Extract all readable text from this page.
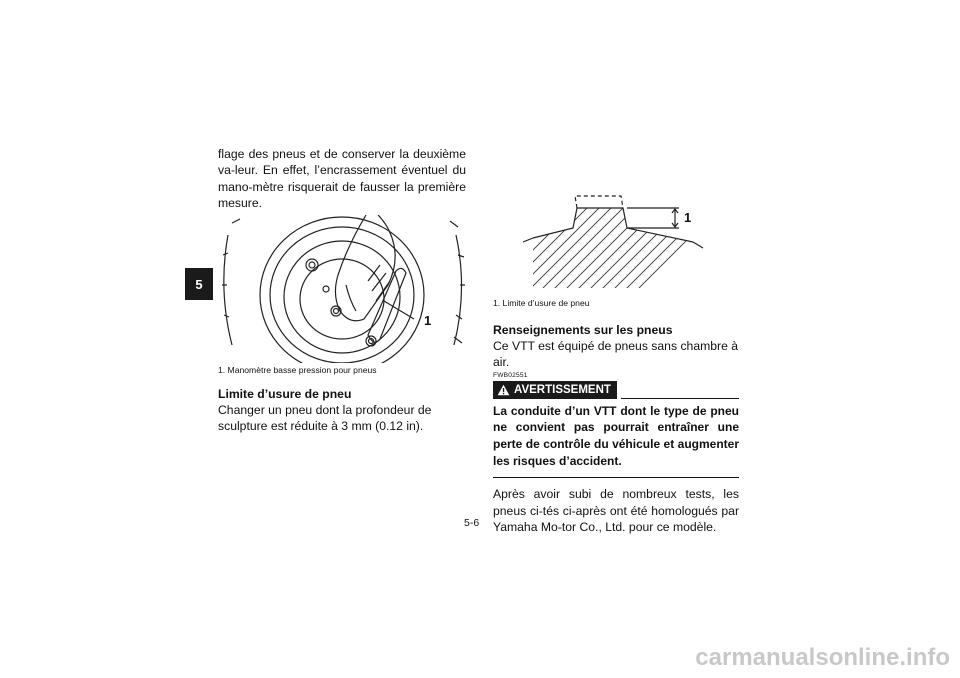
5

flage des pneus et de conserver la deuxième va-leur. En effet, l’encrassement éventuel du mano-mètre risquerait de fausser la première mesure.

1

1. Manomètre basse pression pour pneus

Limite d’usure de pneu

Changer un pneu dont la profondeur de sculpture est réduite à 3 mm (0.12 in).

1

1. Limite d’usure de pneu

Renseignements sur les pneus

Ce VTT est équipé de pneus sans chambre à air.

FWB02551

AVERTISSEMENT

La conduite d’un VTT dont le type de pneu ne convient pas pourrait entraîner une perte de contrôle du véhicule et augmenter les risques d’accident.

Après avoir subi de nombreux tests, les pneus ci-tés ci-après ont été homologués par Yamaha Mo-tor Co., Ltd. pour ce modèle.

5-6
carmanualsonline.info
